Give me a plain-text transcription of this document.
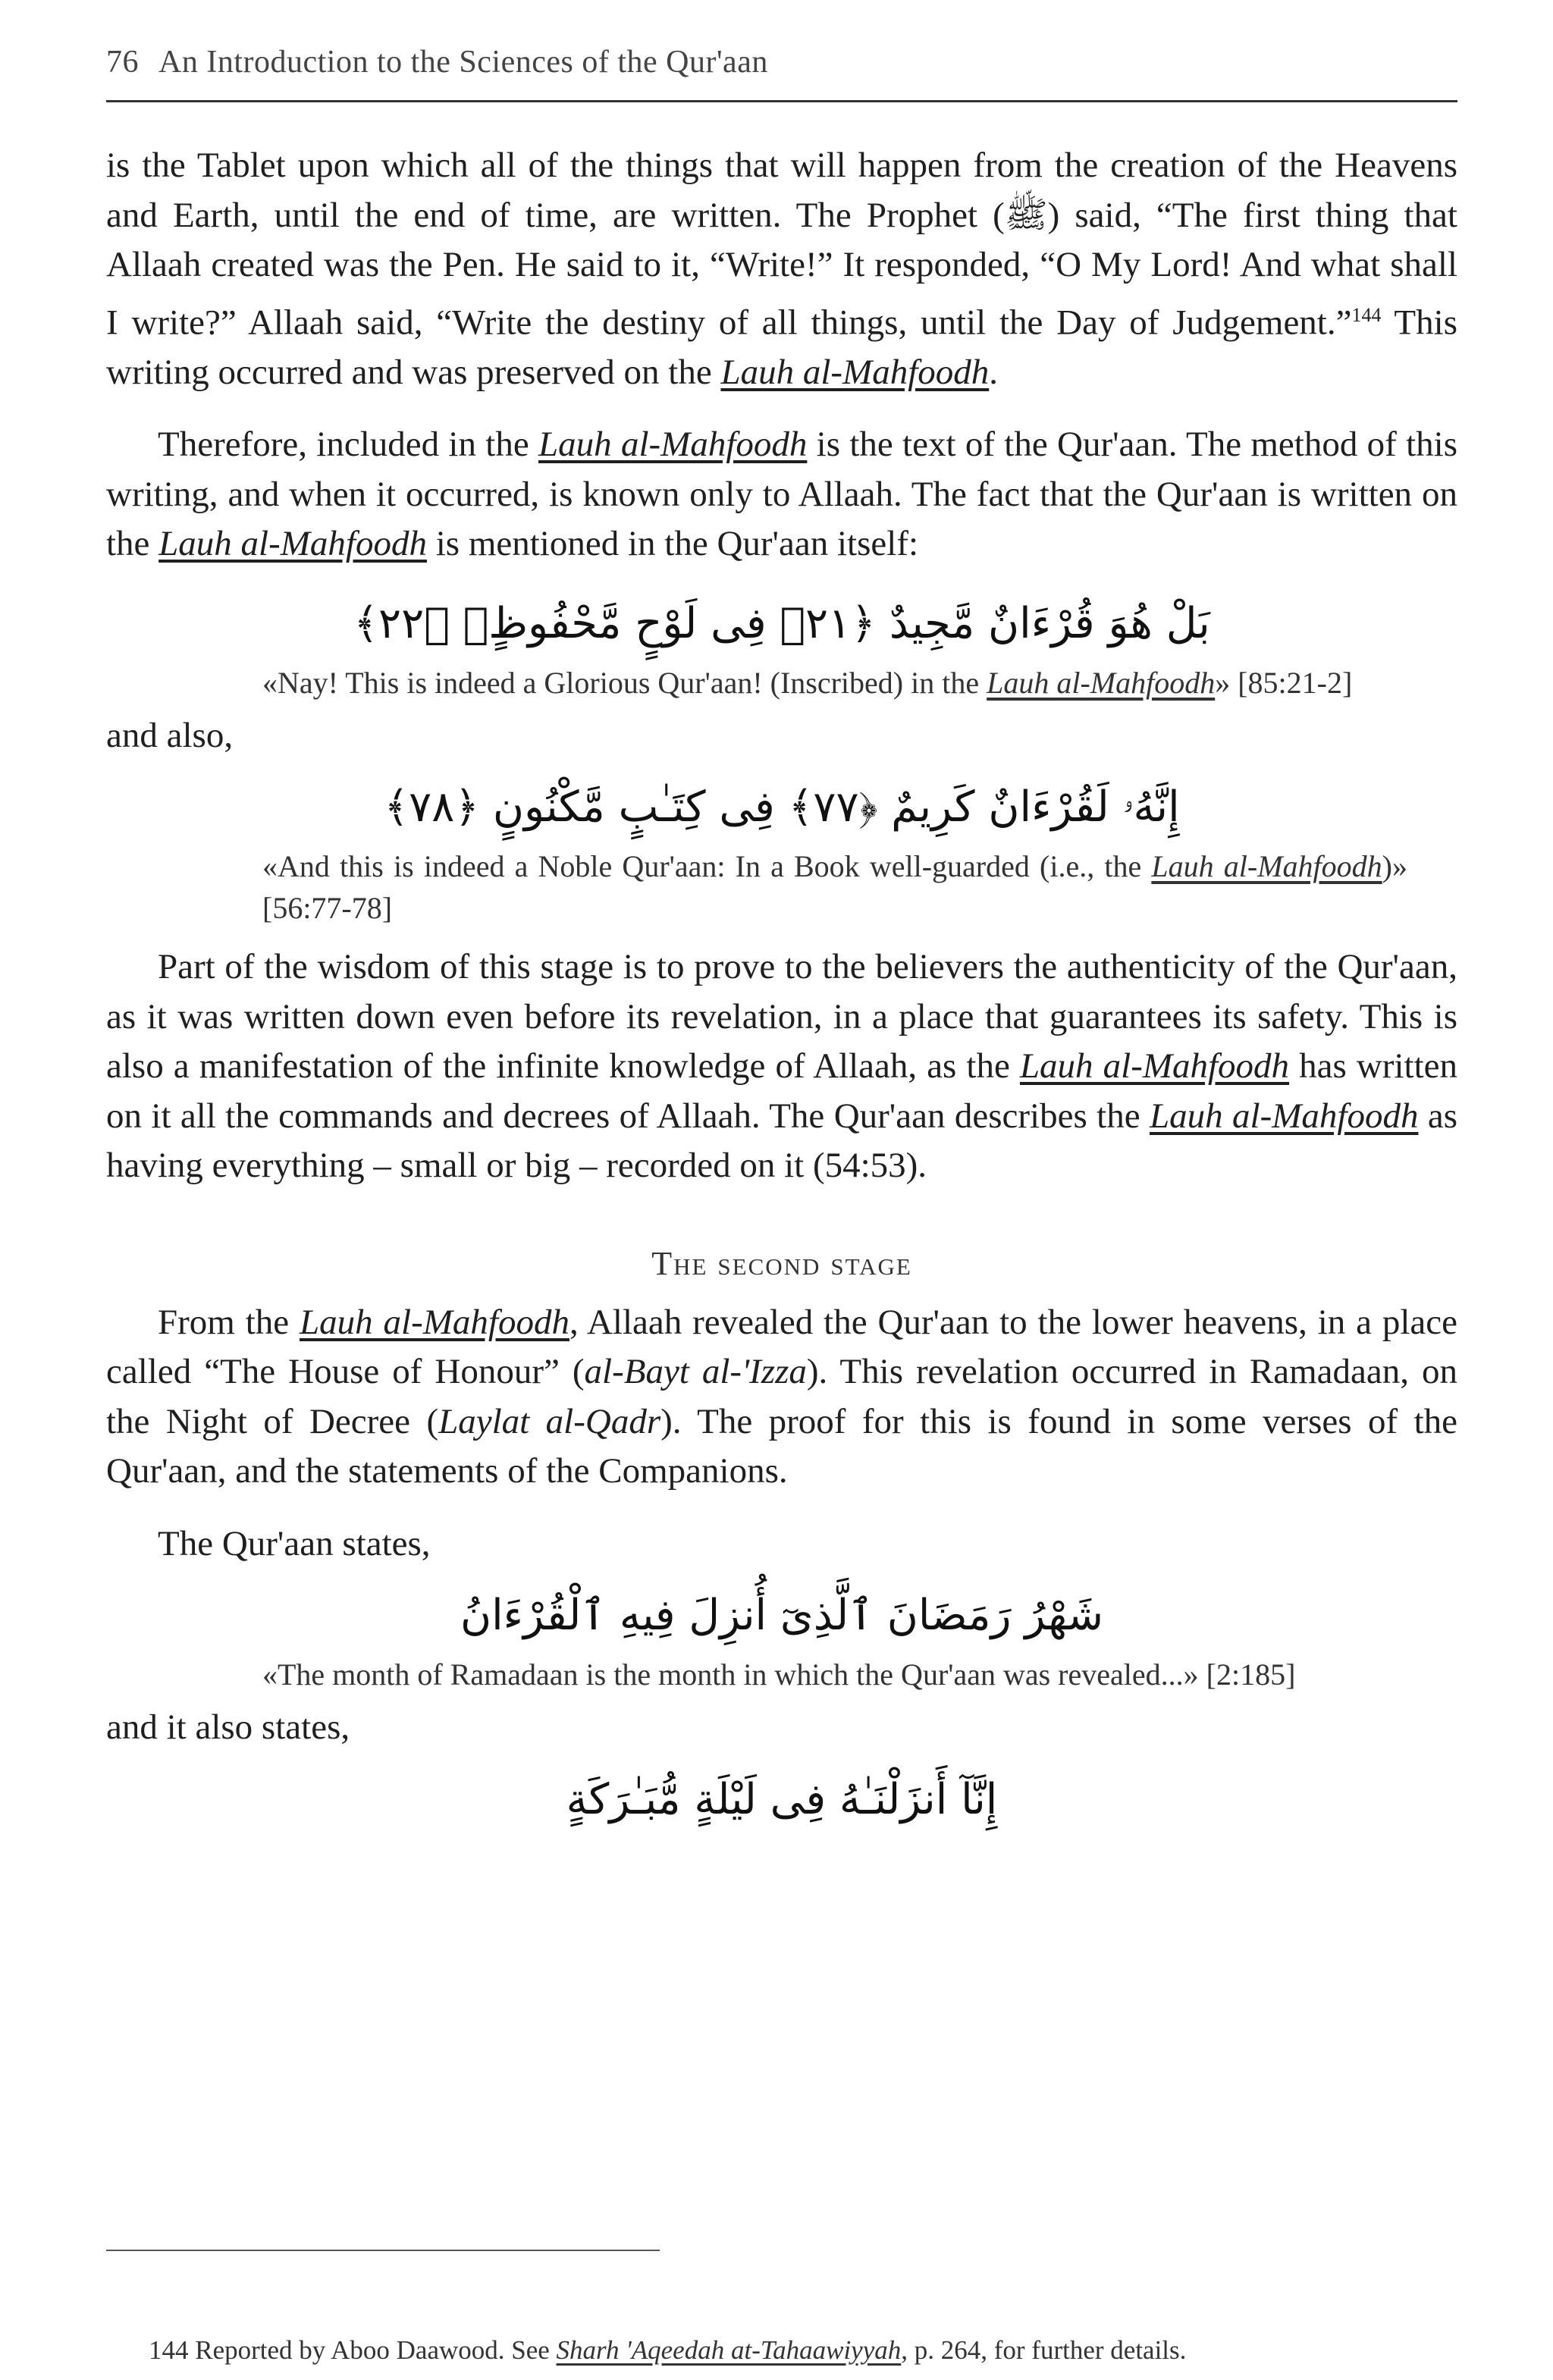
76 An Introduction to the Sciences of the Qur'aan

is the Tablet upon which all of the things that will happen from the creation of the Heavens and Earth, until the end of time, are written. The Prophet (ﷺ) said, “The first thing that Allaah created was the Pen. He said to it, “Write!” It responded, “O My Lord! And what shall I write?” Allaah said, “Write the destiny of all things, until the Day of Judgement.”$^{144}$ This writing occurred and was preserved on the Lauh al-Mahfoodh.

Therefore, included in the Lauh al-Mahfoodh is the text of the Qur'aan. The method of this writing, and when it occurred, is known only to Allaah. The fact that the Qur'aan is written on the Lauh al-Mahfoodh is mentioned in the Qur'aan itself:

بَلْ هُوَ قُرْءَانٌ مَّجِيدٌ ﴿٢١﴾ فِى لَوْحٍ مَّحْفُوظٍۭ ﴿٢٢﴾

«Nay! This is indeed a Glorious Qur'aan! (Inscribed) in the Lauh al-Mahfoodh» [85:21-2]

and also,

إِنَّهُۥ لَقُرْءَانٌ كَرِيمٌ ﴿٧٧﴾ فِى كِتَـٰبٍ مَّكْنُونٍ ﴿٧٨﴾

«And this is indeed a Noble Qur'aan: In a Book well-guarded (i.e., the Lauh al-Mahfoodh)» [56:77-78]

Part of the wisdom of this stage is to prove to the believers the authenticity of the Qur'aan, as it was written down even before its revelation, in a place that guarantees its safety. This is also a manifestation of the infinite knowledge of Allaah, as the Lauh al-Mahfoodh has written on it all the commands and decrees of Allaah. The Qur'aan describes the Lauh al-Mahfoodh as having everything – small or big – recorded on it (54:53).

The second stage

From the Lauh al-Mahfoodh, Allaah revealed the Qur'aan to the lower heavens, in a place called “The House of Honour” (al-Bayt al-'Izza). This revelation occurred in Ramadaan, on the Night of Decree (Laylat al-Qadr). The proof for this is found in some verses of the Qur'aan, and the statements of the Companions.

The Qur'aan states,

شَهْرُ رَمَضَانَ ٱلَّذِىٓ أُنزِلَ فِيهِ ٱلْقُرْءَانُ

«The month of Ramadaan is the month in which the Qur'aan was revealed...» [2:185]

and it also states,

إِنَّآ أَنزَلْنَـٰهُ فِى لَيْلَةٍ مُّبَـٰرَكَةٍ
144 Reported by Aboo Daawood. See Sharh 'Aqeedah at-Tahaawiyyah, p. 264, for further details.
